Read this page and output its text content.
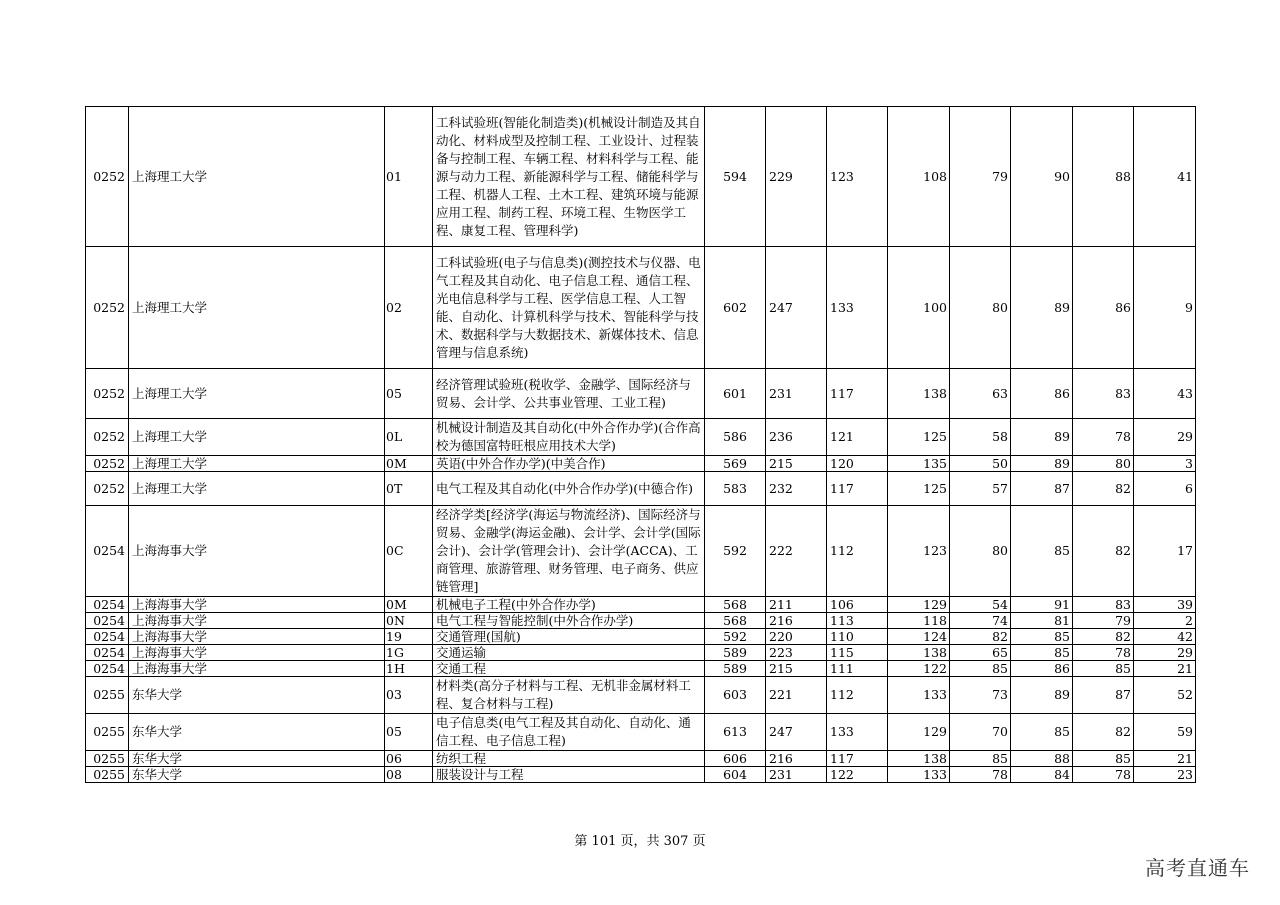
0252	上海理工大学	01	工科试验班(智能化制造类)(机械设计制造及其自动化、材料成型及控制工程、工业设计、过程装备与控制工程、车辆工程、材料科学与工程、能源与动力工程、新能源科学与工程、储能科学与工程、机器人工程、土木工程、建筑环境与能源应用工程、制药工程、环境工程、生物医学工程、康复工程、管理科学)	594	229	123	108	79	90	88	41
0252	上海理工大学	02	工科试验班(电子与信息类)(测控技术与仪器、电气工程及其自动化、电子信息工程、通信工程、光电信息科学与工程、医学信息工程、人工智能、自动化、计算机科学与技术、智能科学与技术、数据科学与大数据技术、新媒体技术、信息管理与信息系统)	602	247	133	100	80	89	86	9
0252	上海理工大学	05	经济管理试验班(税收学、金融学、国际经济与贸易、会计学、公共事业管理、工业工程)	601	231	117	138	63	86	83	43
0252	上海理工大学	0L	机械设计制造及其自动化(中外合作办学)(合作高校为德国富特旺根应用技术大学)	586	236	121	125	58	89	78	29
0252	上海理工大学	0M	英语(中外合作办学)(中美合作)	569	215	120	135	50	89	80	3
0252	上海理工大学	0T	电气工程及其自动化(中外合作办学)(中德合作)	583	232	117	125	57	87	82	6
0254	上海海事大学	0C	经济学类[经济学(海运与物流经济)、国际经济与贸易、金融学(海运金融)、会计学、会计学(国际会计)、会计学(管理会计)、会计学(ACCA)、工商管理、旅游管理、财务管理、电子商务、供应链管理]	592	222	112	123	80	85	82	17
0254	上海海事大学	0M	机械电子工程(中外合作办学)	568	211	106	129	54	91	83	39
0254	上海海事大学	0N	电气工程与智能控制(中外合作办学)	568	216	113	118	74	81	79	2
0254	上海海事大学	19	交通管理(国航)	592	220	110	124	82	85	82	42
0254	上海海事大学	1G	交通运输	589	223	115	138	65	85	78	29
0254	上海海事大学	1H	交通工程	589	215	111	122	85	86	85	21
0255	东华大学	03	材料类(高分子材料与工程、无机非金属材料工程、复合材料与工程)	603	221	112	133	73	89	87	52
0255	东华大学	05	电子信息类(电气工程及其自动化、自动化、通信工程、电子信息工程)	613	247	133	129	70	85	82	59
0255	东华大学	06	纺织工程	606	216	117	138	85	88	85	21
0255	东华大学	08	服装设计与工程	604	231	122	133	78	84	78	23
第 101 页，共 307 页
高考直通车
